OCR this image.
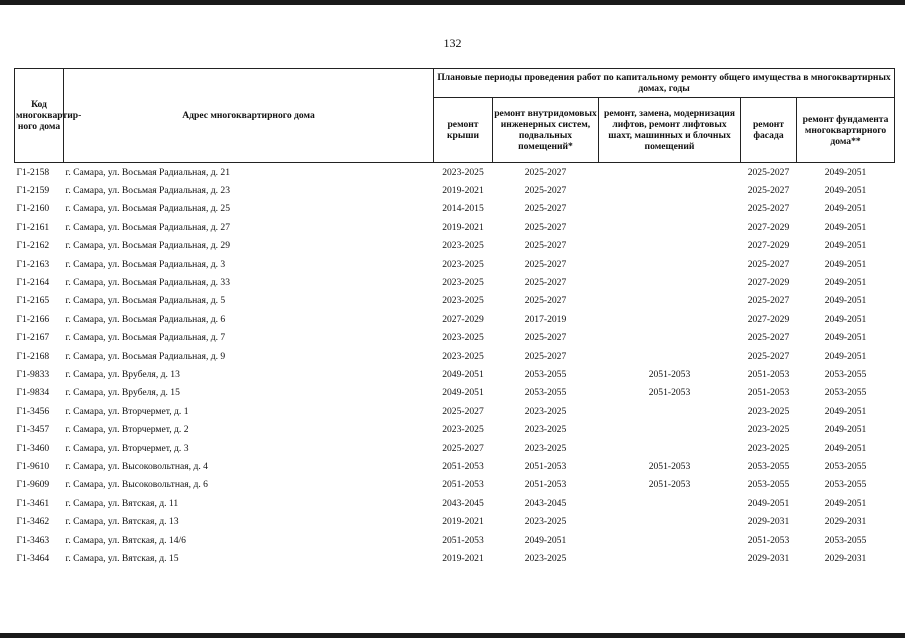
132
Код многоквартир-ного дома	Адрес многоквартирного дома	Плановые периоды проведения работ по капитальному ремонту общего имущества в многоквартирных домах, годы				
		ремонт крыши	ремонт внутридомовых инженерных систем, подвальных помещений*	ремонт, замена, модернизация лифтов, ремонт лифтовых шахт, машинных и блочных помещений	ремонт фасада	ремонт фундамента многоквартирного дома**
Г1-2158	г. Самара, ул. Восьмая Радиальная, д. 21	2023-2025	2025-2027		2025-2027	2049-2051
Г1-2159	г. Самара, ул. Восьмая Радиальная, д. 23	2019-2021	2025-2027		2025-2027	2049-2051
Г1-2160	г. Самара, ул. Восьмая Радиальная, д. 25	2014-2015	2025-2027		2025-2027	2049-2051
Г1-2161	г. Самара, ул. Восьмая Радиальная, д. 27	2019-2021	2025-2027		2027-2029	2049-2051
Г1-2162	г. Самара, ул. Восьмая Радиальная, д. 29	2023-2025	2025-2027		2027-2029	2049-2051
Г1-2163	г. Самара, ул. Восьмая Радиальная, д. 3	2023-2025	2025-2027		2025-2027	2049-2051
Г1-2164	г. Самара, ул. Восьмая Радиальная, д. 33	2023-2025	2025-2027		2027-2029	2049-2051
Г1-2165	г. Самара, ул. Восьмая Радиальная, д. 5	2023-2025	2025-2027		2025-2027	2049-2051
Г1-2166	г. Самара, ул. Восьмая Радиальная, д. 6	2027-2029	2017-2019		2027-2029	2049-2051
Г1-2167	г. Самара, ул. Восьмая Радиальная, д. 7	2023-2025	2025-2027		2025-2027	2049-2051
Г1-2168	г. Самара, ул. Восьмая Радиальная, д. 9	2023-2025	2025-2027		2025-2027	2049-2051
Г1-9833	г. Самара, ул. Врубеля, д. 13	2049-2051	2053-2055	2051-2053	2051-2053	2053-2055
Г1-9834	г. Самара, ул. Врубеля, д. 15	2049-2051	2053-2055	2051-2053	2051-2053	2053-2055
Г1-3456	г. Самара, ул. Вторчермет, д. 1	2025-2027	2023-2025		2023-2025	2049-2051
Г1-3457	г. Самара, ул. Вторчермет, д. 2	2023-2025	2023-2025		2023-2025	2049-2051
Г1-3460	г. Самара, ул. Вторчермет, д. 3	2025-2027	2023-2025		2023-2025	2049-2051
Г1-9610	г. Самара, ул. Высоковольтная, д. 4	2051-2053	2051-2053	2051-2053	2053-2055	2053-2055
Г1-9609	г. Самара, ул. Высоковольтная, д. 6	2051-2053	2051-2053	2051-2053	2053-2055	2053-2055
Г1-3461	г. Самара, ул. Вятская, д. 11	2043-2045	2043-2045		2049-2051	2049-2051
Г1-3462	г. Самара, ул. Вятская, д. 13	2019-2021	2023-2025		2029-2031	2029-2031
Г1-3463	г. Самара, ул. Вятская, д. 14/6	2051-2053	2049-2051		2051-2053	2053-2055
Г1-3464	г. Самара, ул. Вятская, д. 15	2019-2021	2023-2025		2029-2031	2029-2031
